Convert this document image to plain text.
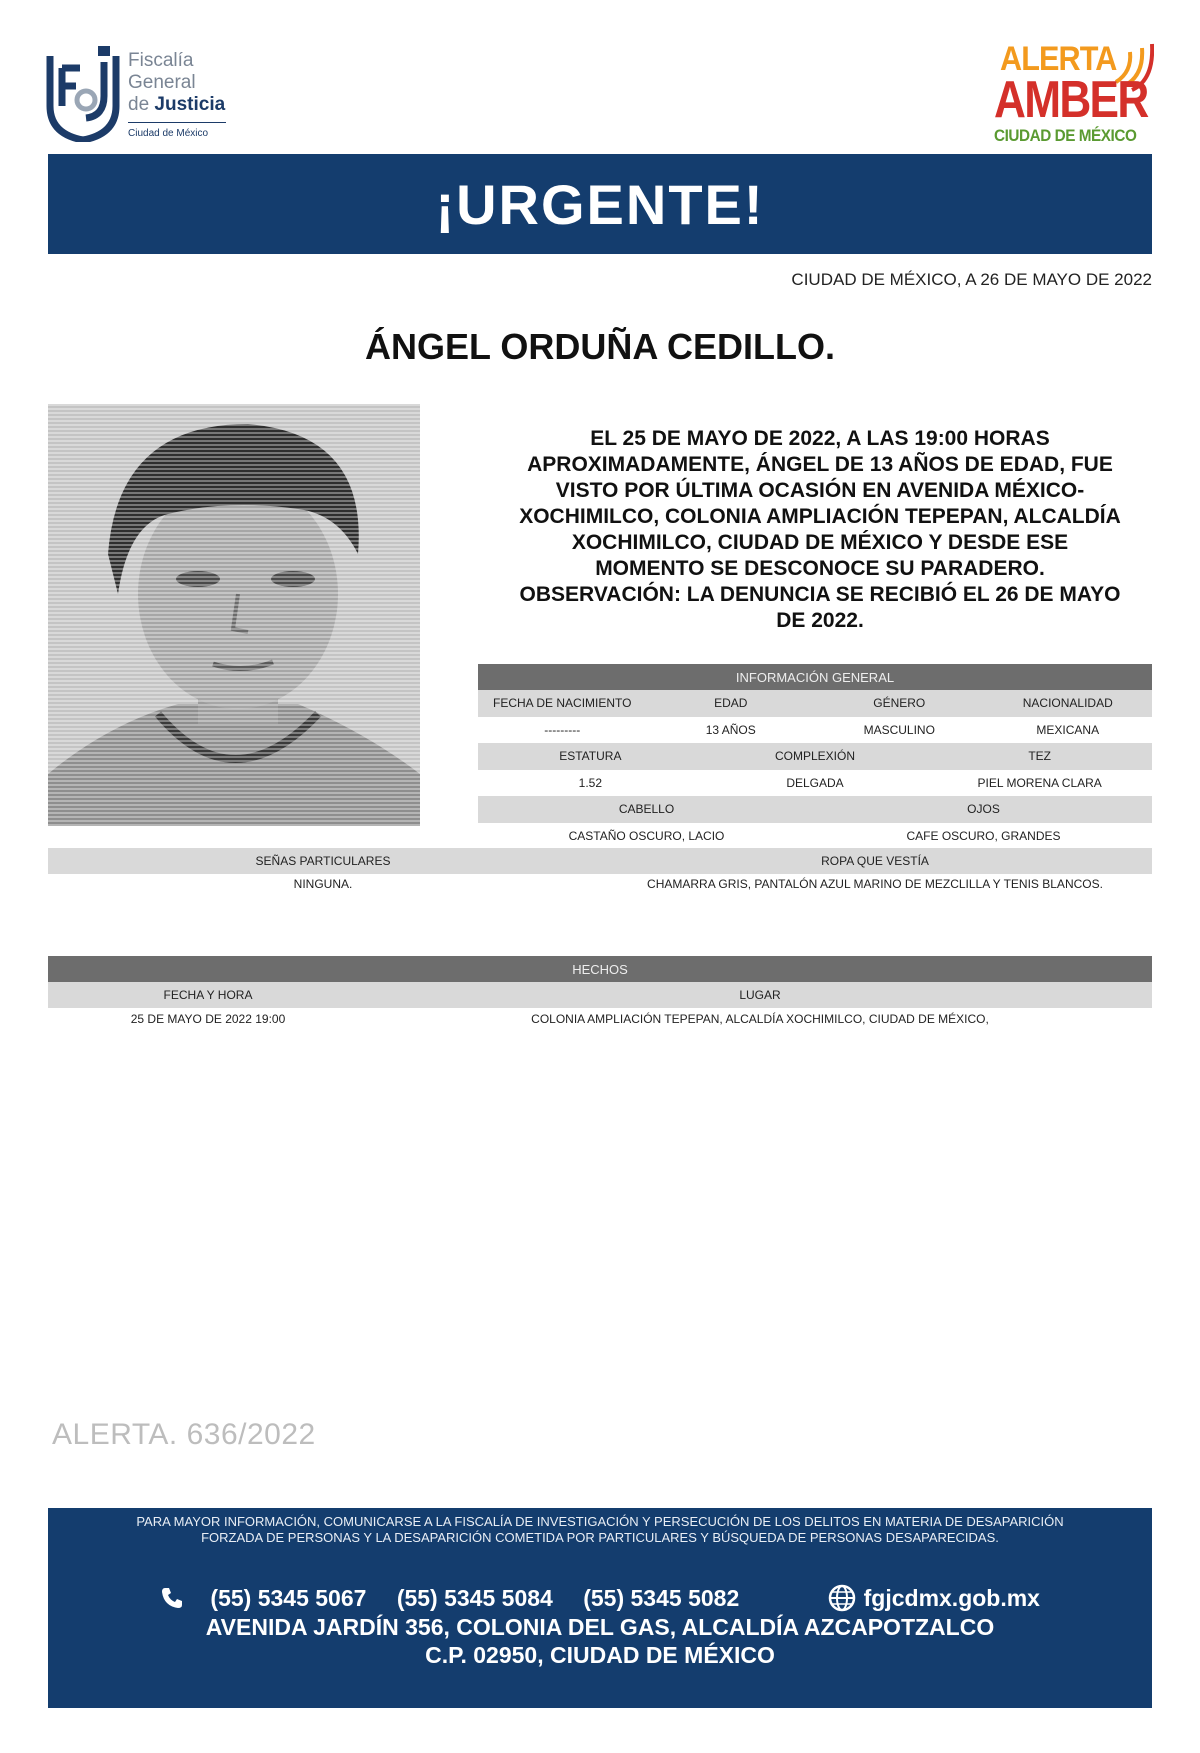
Fiscalía
General
de Justicia
Ciudad de México
ALERTA
AMBER
CIUDAD DE MÉXICO
¡URGENTE!
CIUDAD DE MÉXICO, A 26 DE MAYO DE 2022
ÁNGEL ORDUÑA CEDILLO.
EL 25 DE MAYO DE 2022, A LAS 19:00 HORAS
APROXIMADAMENTE, ÁNGEL DE 13 AÑOS DE EDAD, FUE
VISTO POR ÚLTIMA OCASIÓN EN AVENIDA MÉXICO-
XOCHIMILCO, COLONIA AMPLIACIÓN TEPEPAN, ALCALDÍA
XOCHIMILCO, CIUDAD DE MÉXICO Y DESDE ESE
MOMENTO SE DESCONOCE SU PARADERO.
OBSERVACIÓN: LA DENUNCIA SE RECIBIÓ EL 26 DE MAYO
DE 2022.
INFORMACIÓN GENERAL
FECHA DE NACIMIENTO	EDAD	GÉNERO	NACIONALIDAD
---------	13 AÑOS	MASCULINO	MEXICANA
ESTATURA	COMPLEXIÓN	TEZ
1.52	DELGADA	PIEL MORENA CLARA
CABELLO	OJOS
CASTAÑO OSCURO, LACIO	CAFE OSCURO, GRANDES
SEÑAS PARTICULARES	ROPA QUE VESTÍA
NINGUNA.	CHAMARRA GRIS, PANTALÓN AZUL MARINO DE MEZCLILLA Y TENIS BLANCOS.
HECHOS
FECHA Y HORA	LUGAR
25 DE MAYO DE 2022 19:00	COLONIA AMPLIACIÓN TEPEPAN, ALCALDÍA XOCHIMILCO, CIUDAD DE MÉXICO,
ALERTA. 636/2022
PARA MAYOR INFORMACIÓN, COMUNICARSE A LA FISCALÍA DE INVESTIGACIÓN Y PERSECUCIÓN DE LOS DELITOS EN MATERIA DE DESAPARICIÓN
FORZADA DE PERSONAS Y LA DESAPARICIÓN COMETIDA POR PARTICULARES Y BÚSQUEDA DE PERSONAS DESAPARECIDAS.
(55) 5345 5067 (55) 5345 5084 (55) 5345 5082	fgjcdmx.gob.mx
AVENIDA JARDÍN 356, COLONIA DEL GAS, ALCALDÍA AZCAPOTZALCO
C.P. 02950, CIUDAD DE MÉXICO
